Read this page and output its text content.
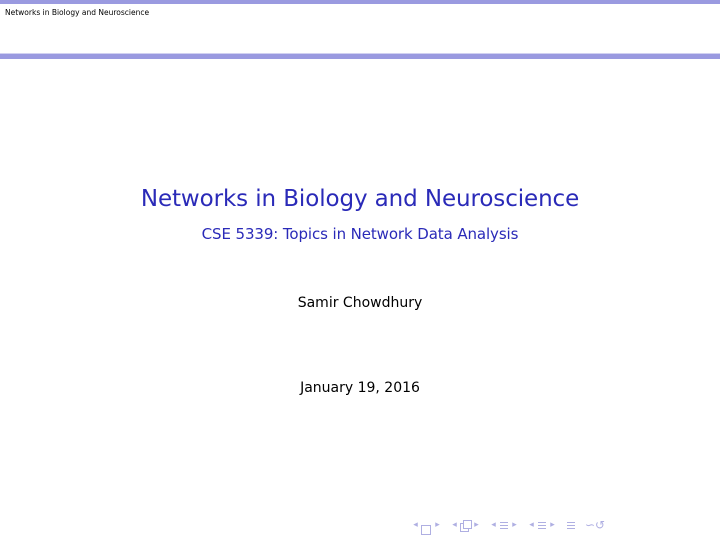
Networks in Biology and Neuroscience
Networks in Biology and Neuroscience
CSE 5339: Topics in Network Data Analysis
Samir Chowdhury
January 19, 2016
◂ ▸ ◂ ▸ ◂ ▸ ◂ ▸	∽↺
